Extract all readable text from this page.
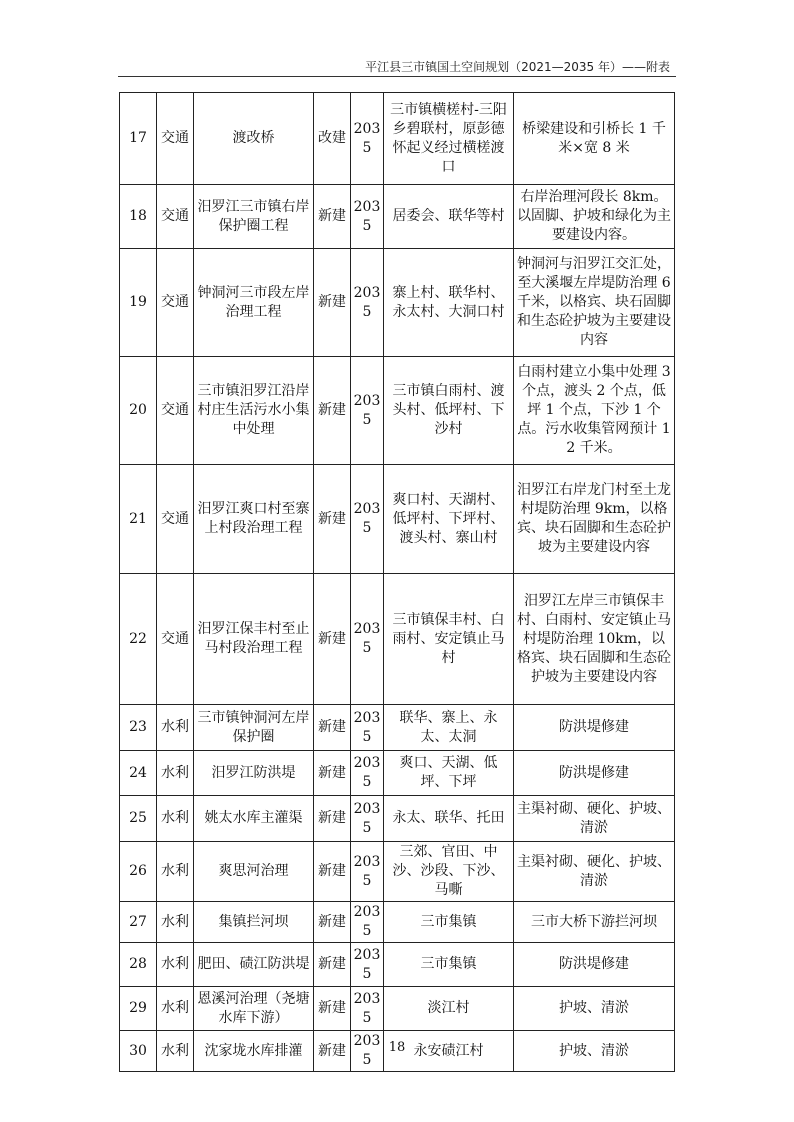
平江县三市镇国土空间规划（2021—2035 年）——附表
17	交通	渡改桥	改建	2035	三市镇横槎村-三阳乡碧联村，原彭德怀起义经过横槎渡口	桥梁建设和引桥长 1 千米×宽 8 米
18	交通	汨罗江三市镇右岸保护圈工程	新建	2035	居委会、联华等村	右岸治理河段长 8km。以固脚、护坡和绿化为主要建设内容。
19	交通	钟洞河三市段左岸治理工程	新建	2035	寨上村、联华村、永太村、大洞口村	钟洞河与汨罗江交汇处，至大溪堰左岸堤防治理 6 千米，以格宾、块石固脚和生态砼护坡为主要建设内容
20	交通	三市镇汨罗江沿岸村庄生活污水小集中处理	新建	2035	三市镇白雨村、渡头村、低坪村、下沙村	白雨村建立小集中处理 3 个点，渡头 2 个点，低坪 1 个点，下沙 1 个点。污水收集管网预计 12 千米。
21	交通	汨罗江爽口村至寨上村段治理工程	新建	2035	爽口村、天湖村、低坪村、下坪村、渡头村、寨山村	汨罗江右岸龙门村至土龙村堤防治理 9km，以格宾、块石固脚和生态砼护坡为主要建设内容
22	交通	汨罗江保丰村至止马村段治理工程	新建	2035	三市镇保丰村、白雨村、安定镇止马村	汨罗江左岸三市镇保丰村、白雨村、安定镇止马村堤防治理 10km，以格宾、块石固脚和生态砼护坡为主要建设内容
23	水利	三市镇钟洞河左岸保护圈	新建	2035	联华、寨上、永太、太洞	防洪堤修建
24	水利	汨罗江防洪堤	新建	2035	爽口、天湖、低坪、下坪	防洪堤修建
25	水利	姚太水库主灌渠	新建	2035	永太、联华、托田	主渠衬砌、硬化、护坡、清淤
26	水利	爽思河治理	新建	2035	三郊、官田、中沙、沙段、下沙、马嘶	主渠衬砌、硬化、护坡、清淤
27	水利	集镇拦河坝	新建	2035	三市集镇	三市大桥下游拦河坝
28	水利	肥田、碛江防洪堤	新建	2035	三市集镇	防洪堤修建
29	水利	恩溪河治理（尧塘水库下游）	新建	2035	淡江村	护坡、清淤
30	水利	沈家垅水库排灌	新建	2035	永安碛江村	护坡、清淤
18
